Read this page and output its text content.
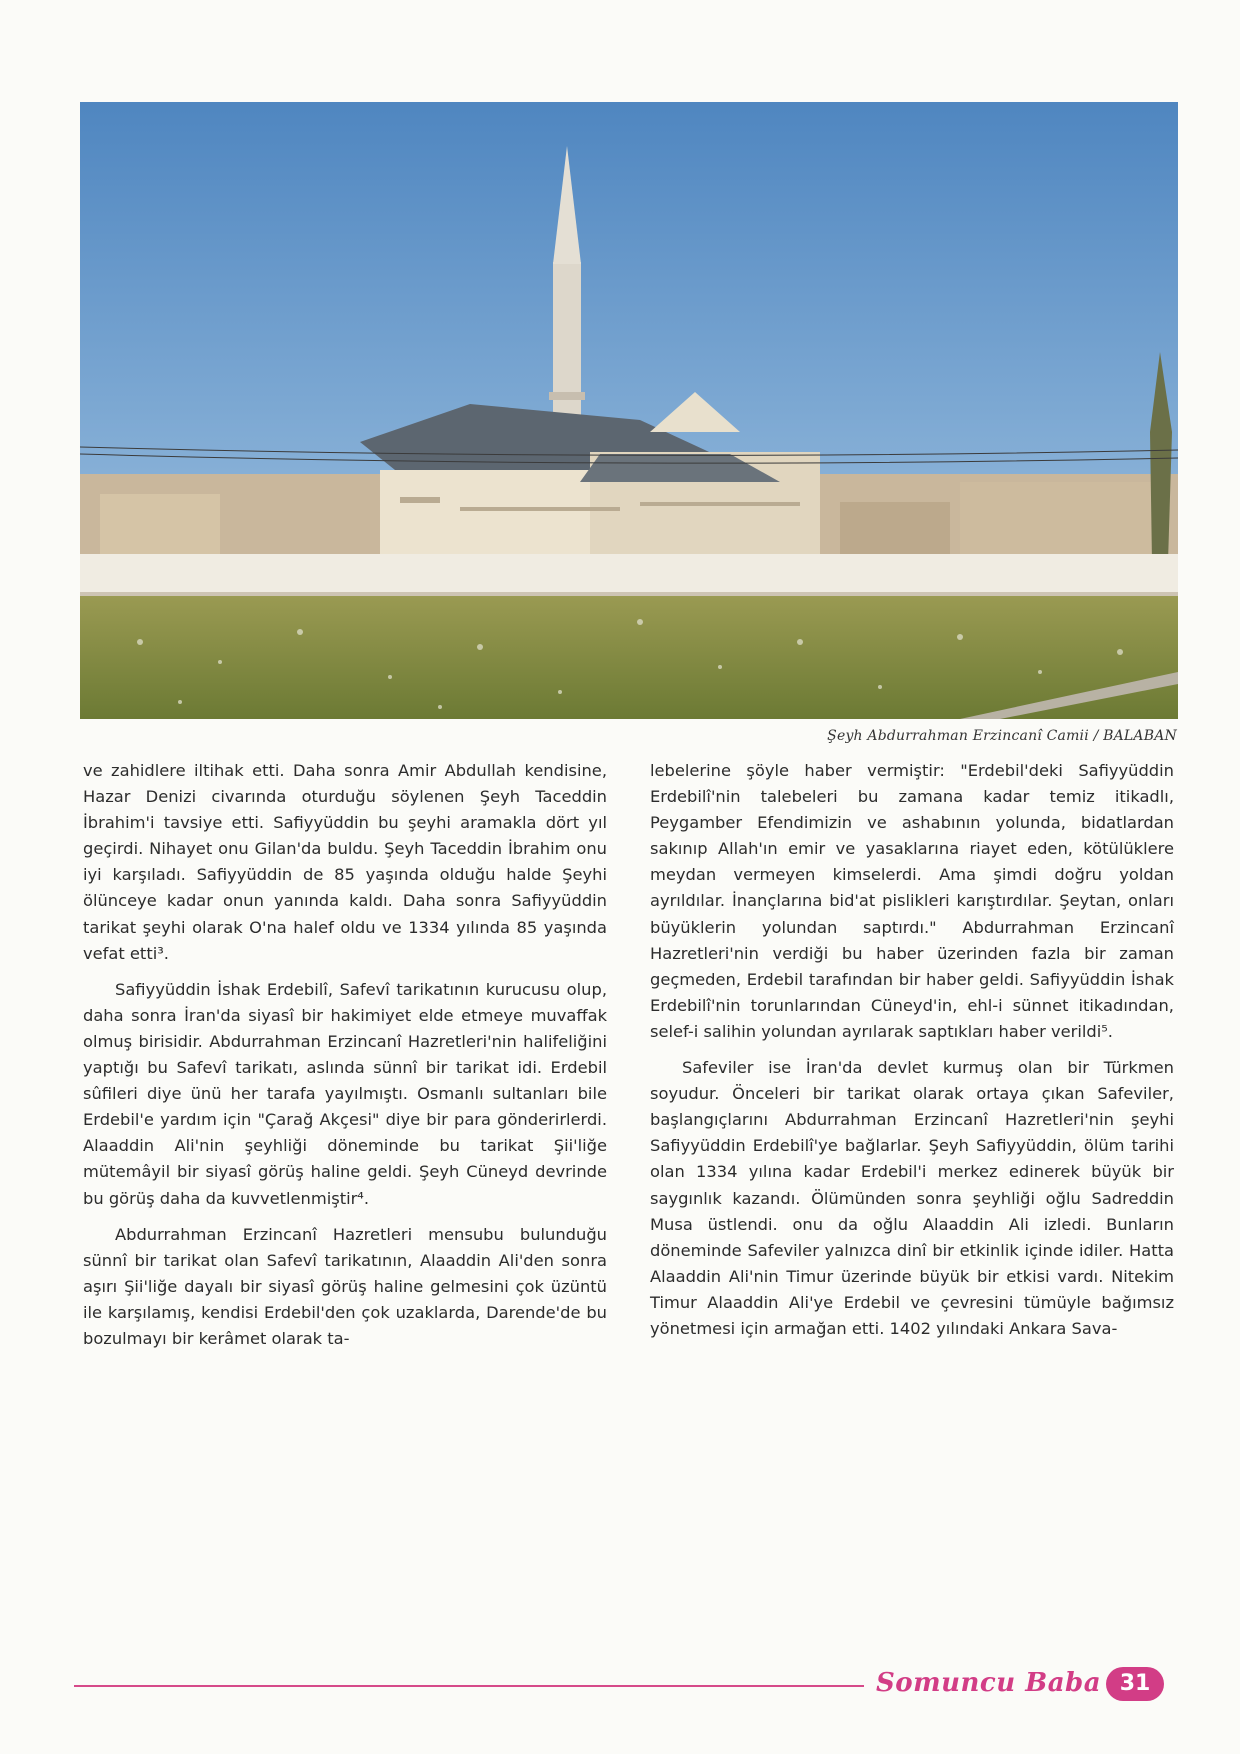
Şeyh Abdurrahman Erzincanî Camii / BALABAN

ve zahidlere iltihak etti. Daha sonra Amir Abdullah kendisine, Hazar Denizi civarında oturduğu söylenen Şeyh Taceddin İbrahim'i tavsiye etti. Safiyyüddin bu şeyhi aramakla dört yıl geçirdi. Nihayet onu Gilan'da buldu. Şeyh Taceddin İbrahim onu iyi karşıladı. Safiyyüddin de 85 yaşında olduğu halde Şeyhi ölünceye kadar onun yanında kaldı. Daha sonra Safiyyüddin tarikat şeyhi olarak O'na halef oldu ve 1334 yılında 85 yaşında vefat etti³.

Safiyyüddin İshak Erdebilî, Safevî tarikatının kurucusu olup, daha sonra İran'da siyasî bir hakimiyet elde etmeye muvaffak olmuş birisidir. Abdurrahman Erzincanî Hazretleri'nin halifeliğini yaptığı bu Safevî tarikatı, aslında sünnî bir tarikat idi. Erdebil sûfileri diye ünü her tarafa yayılmıştı. Osmanlı sultanları bile Erdebil'e yardım için "Çarağ Akçesi" diye bir para gönderirlerdi. Alaaddin Ali'nin şeyhliği döneminde bu tarikat Şii'liğe mütemâyil bir siyasî görüş haline geldi. Şeyh Cüneyd devrinde bu görüş daha da kuvvetlenmiştir⁴.

Abdurrahman Erzincanî Hazretleri mensubu bulunduğu sünnî bir tarikat olan Safevî tarikatının, Alaaddin Ali'den sonra aşırı Şii'liğe dayalı bir siyasî görüş haline gelmesini çok üzüntü ile karşılamış, kendisi Erdebil'den çok uzaklarda, Darende'de bu bozulmayı bir kerâmet olarak ta-

lebelerine şöyle haber vermiştir: "Erdebil'deki Safiyyüddin Erdebilî'nin talebeleri bu zamana kadar temiz itikadlı, Peygamber Efendimizin ve ashabının yolunda, bidatlardan sakınıp Allah'ın emir ve yasaklarına riayet eden, kötülüklere meydan vermeyen kimselerdi. Ama şimdi doğru yoldan ayrıldılar. İnançlarına bid'at pislikleri karıştırdılar. Şeytan, onları büyüklerin yolundan saptırdı." Abdurrahman Erzincanî Hazretleri'nin verdiği bu haber üzerinden fazla bir zaman geçmeden, Erdebil tarafından bir haber geldi. Safiyyüddin İshak Erdebilî'nin torunlarından Cüneyd'in, ehl-i sünnet itikadından, selef-i salihin yolundan ayrılarak saptıkları haber verildi⁵.

Safeviler ise İran'da devlet kurmuş olan bir Türkmen soyudur. Önceleri bir tarikat olarak ortaya çıkan Safeviler, başlangıçlarını Abdurrahman Erzincanî Hazretleri'nin şeyhi Safiyyüddin Erdebilî'ye bağlarlar. Şeyh Safiyyüddin, ölüm tarihi olan 1334 yılına kadar Erdebil'i merkez edinerek büyük bir saygınlık kazandı. Ölümünden sonra şeyhliği oğlu Sadreddin Musa üstlendi. onu da oğlu Alaaddin Ali izledi. Bunların döneminde Safeviler yalnızca dinî bir etkinlik içinde idiler. Hatta Alaaddin Ali'nin Timur üzerinde büyük bir etkisi vardı. Nitekim Timur Alaaddin Ali'ye Erdebil ve çevresini tümüyle bağımsız yönetmesi için armağan etti. 1402 yılındaki Ankara Sava-

Somuncu Baba 31
